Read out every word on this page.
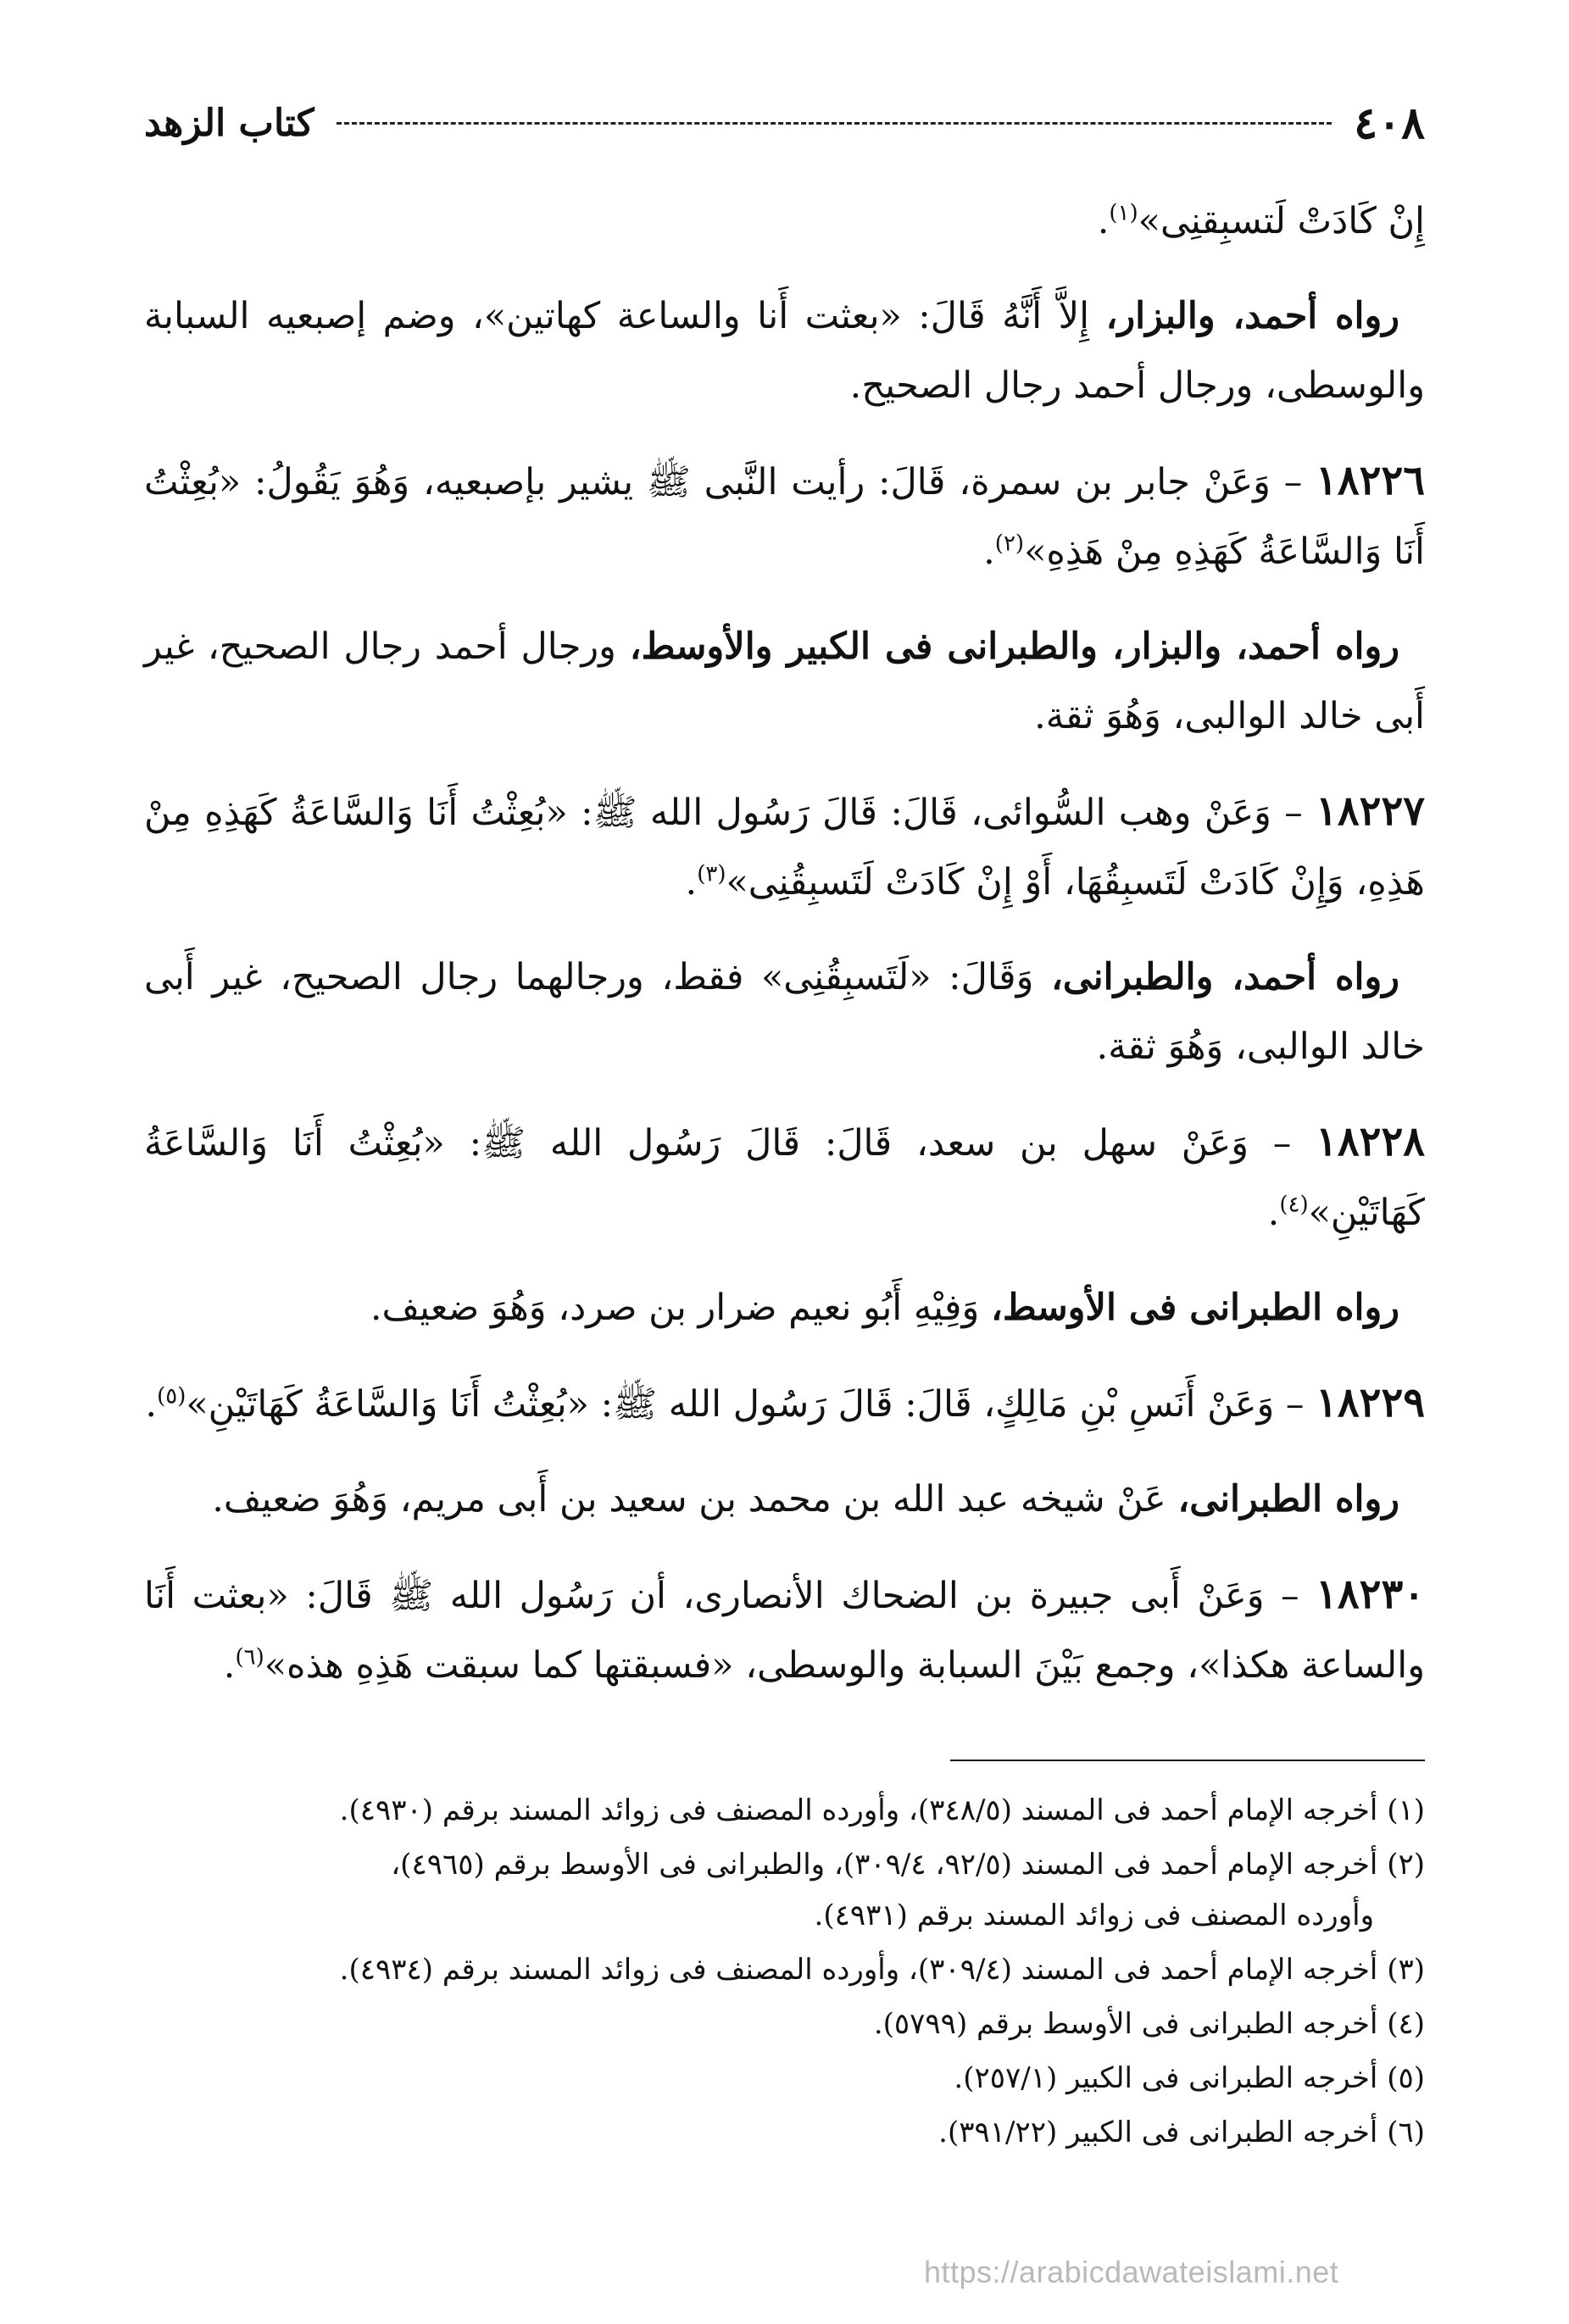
٤٠٨
كتاب الزهد

إِنْ كَادَتْ لَتسبِقنِى»$^{(١)}$.

رواه أحمد، والبزار، إِلاَّ أَنَّهُ قَالَ: «بعثت أَنا والساعة كهاتين»، وضم إصبعيه السبابة والوسطى، ورجال أحمد رجال الصحيح.

١٨٢٢٦ – وَعَنْ جابر بن سمرة، قَالَ: رأيت النَّبى ﷺ يشير بإصبعيه، وَهُوَ يَقُولُ: «بُعِثْتُ أَنَا وَالسَّاعَةُ كَهَذِهِ مِنْ هَذِهِ»$^{(٢)}$.

رواه أحمد، والبزار، والطبرانى فى الكبير والأوسط، ورجال أحمد رجال الصحيح، غير أَبى خالد الوالبى، وَهُوَ ثقة.

١٨٢٢٧ – وَعَنْ وهب السُّوائى، قَالَ: قَالَ رَسُول الله ﷺ: «بُعِثْتُ أَنَا وَالسَّاعَةُ كَهَذِهِ مِنْ هَذِهِ، وَإِنْ كَادَتْ لَتَسبِقُهَا، أَوْ إِنْ كَادَتْ لَتَسبِقُنِى»$^{(٣)}$.

رواه أحمد، والطبرانى، وَقَالَ: «لَتَسبِقُنِى» فقط، ورجالهما رجال الصحيح، غير أَبى خالد الوالبى، وَهُوَ ثقة.

١٨٢٢٨ – وَعَنْ سهل بن سعد، قَالَ: قَالَ رَسُول الله ﷺ: «بُعِثْتُ أَنَا وَالسَّاعَةُ كَهَاتَيْنِ»$^{(٤)}$.

رواه الطبرانى فى الأوسط، وَفِيْهِ أَبُو نعيم ضرار بن صرد، وَهُوَ ضعيف.

١٨٢٢٩ – وَعَنْ أَنَسِ بْنِ مَالِكٍ، قَالَ: قَالَ رَسُول الله ﷺ: «بُعِثْتُ أَنَا وَالسَّاعَةُ كَهَاتَيْنِ»$^{(٥)}$.

رواه الطبرانى، عَنْ شيخه عبد الله بن محمد بن سعيد بن أَبى مريم، وَهُوَ ضعيف.

١٨٢٣٠ – وَعَنْ أَبى جبيرة بن الضحاك الأنصارى، أن رَسُول الله ﷺ قَالَ: «بعثت أَنَا والساعة هكذا»، وجمع بَيْنَ السبابة والوسطى، «فسبقتها كما سبقت هَذِهِ هذه»$^{(٦)}$.

(١) أخرجه الإمام أحمد فى المسند (٣٤٨/٥)، وأورده المصنف فى زوائد المسند برقم (٤٩٣٠).

(٢) أخرجه الإمام أحمد فى المسند (٩٢/٥، ٣٠٩/٤)، والطبرانى فى الأوسط برقم (٤٩٦٥)،
وأورده المصنف فى زوائد المسند برقم (٤٩٣١).

(٣) أخرجه الإمام أحمد فى المسند (٣٠٩/٤)، وأورده المصنف فى زوائد المسند برقم (٤٩٣٤).

(٤) أخرجه الطبرانى فى الأوسط برقم (٥٧٩٩).

(٥) أخرجه الطبرانى فى الكبير (٢٥٧/١).

(٦) أخرجه الطبرانى فى الكبير (٣٩١/٢٢).

https://arabicdawateislami.net
